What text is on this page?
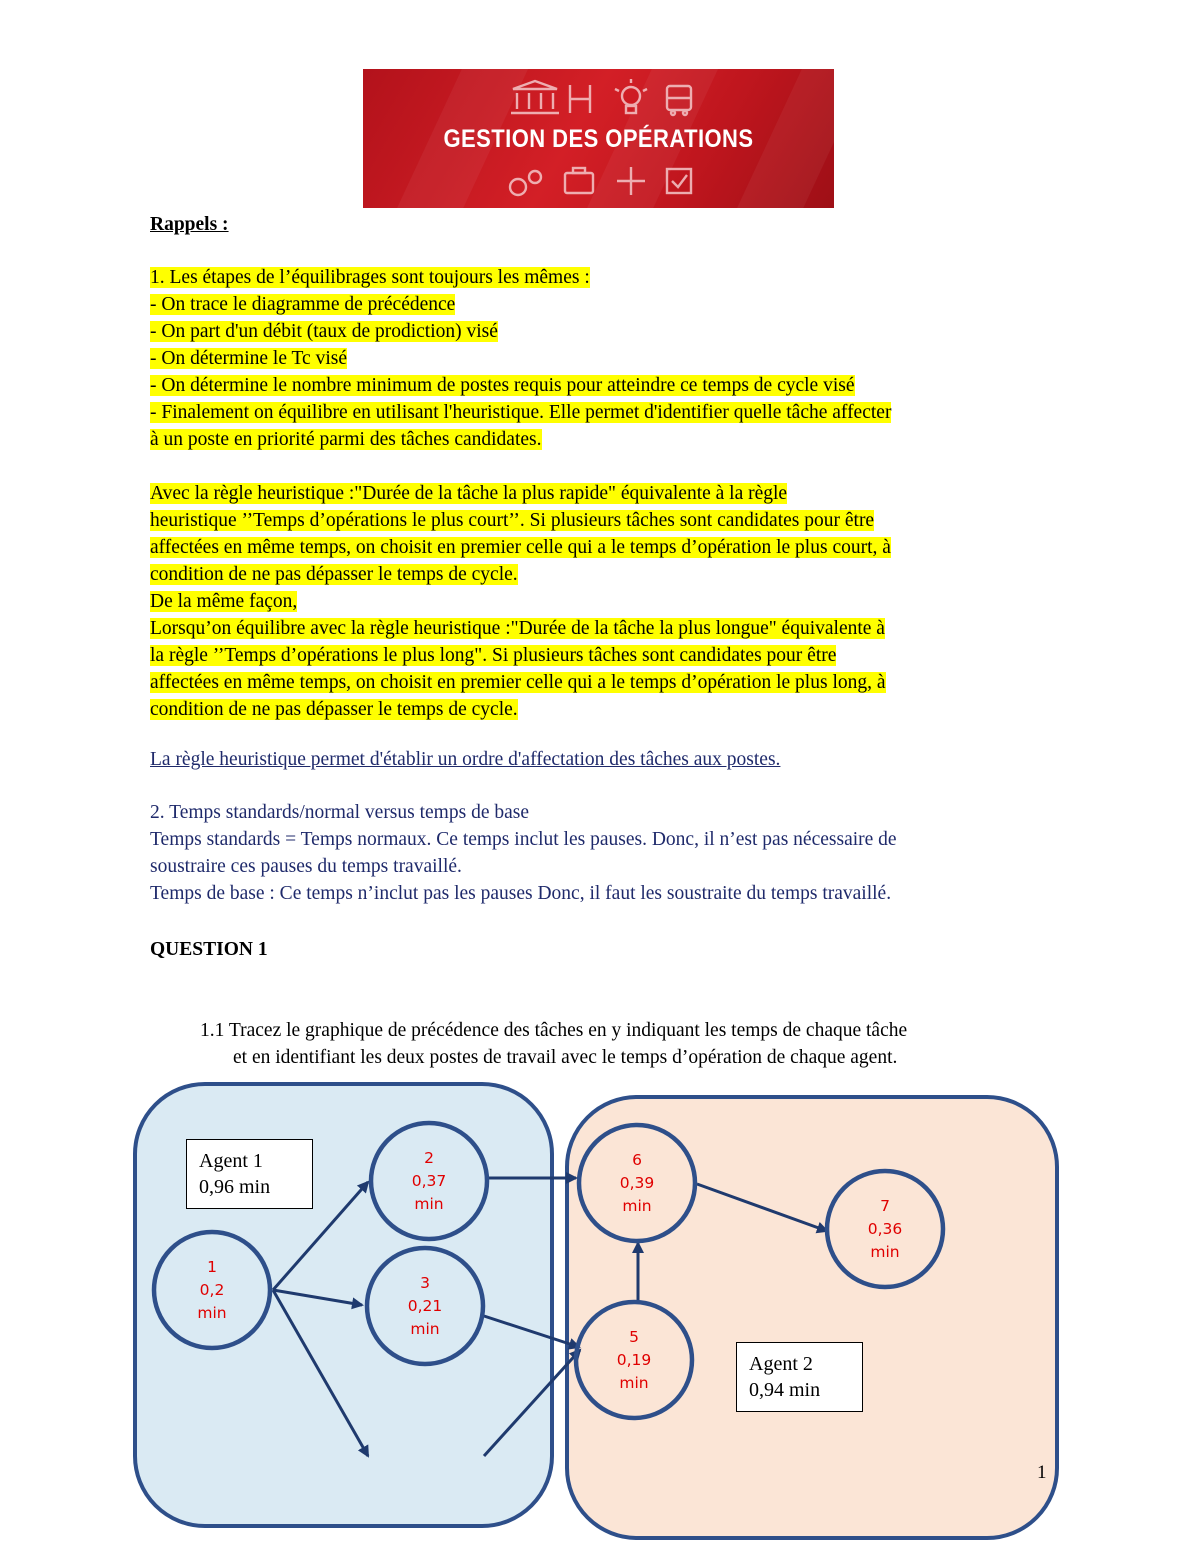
GESTION DES OPÉRATIONS
Rappels :
1. Les étapes de l’équilibrages sont toujours les mêmes :
- On trace le diagramme de précédence
- On part d'un débit (taux de prodiction) visé
- On détermine le Tc visé
- On détermine le nombre minimum de postes requis pour atteindre ce temps de cycle visé
- Finalement on équilibre en utilisant l'heuristique. Elle permet d'identifier quelle tâche affecter
à un poste en priorité parmi des tâches candidates.
Avec la règle heuristique :"Durée de la tâche la plus rapide" équivalente à la règle
heuristique ’’Temps d’opérations le plus court’’. Si plusieurs tâches sont candidates pour être
affectées en même temps, on choisit en premier celle qui a le temps d’opération le plus court, à
condition de ne pas dépasser le temps de cycle.
De la même façon,
Lorsqu’on équilibre avec la règle heuristique :"Durée de la tâche la plus longue" équivalente à
la règle ’’Temps d’opérations le plus long". Si plusieurs tâches sont candidates pour être
affectées en même temps, on choisit en premier celle qui a le temps d’opération le plus long, à
condition de ne pas dépasser le temps de cycle.
La règle heuristique permet d'établir un ordre d'affectation des tâches aux postes.
2. Temps standards/normal versus temps de base
Temps standards = Temps normaux. Ce temps inclut les pauses. Donc, il n’est pas nécessaire de
soustraire ces pauses du temps travaillé.
Temps de base : Ce temps n’inclut pas les pauses Donc, il faut les soustraite du temps travaillé.
QUESTION 1
1.1 Tracez le graphique de précédence des tâches en y indiquant les temps de chaque tâche
et en identifiant les deux postes de travail avec le temps d’opération de chaque agent.
1
0,2
min
2
0,37
min
3
0,21
min	5
0,19
min
6
0,39
min	7
0,36
min
Agent 1
0,96 min
Agent 2
0,94 min
1
